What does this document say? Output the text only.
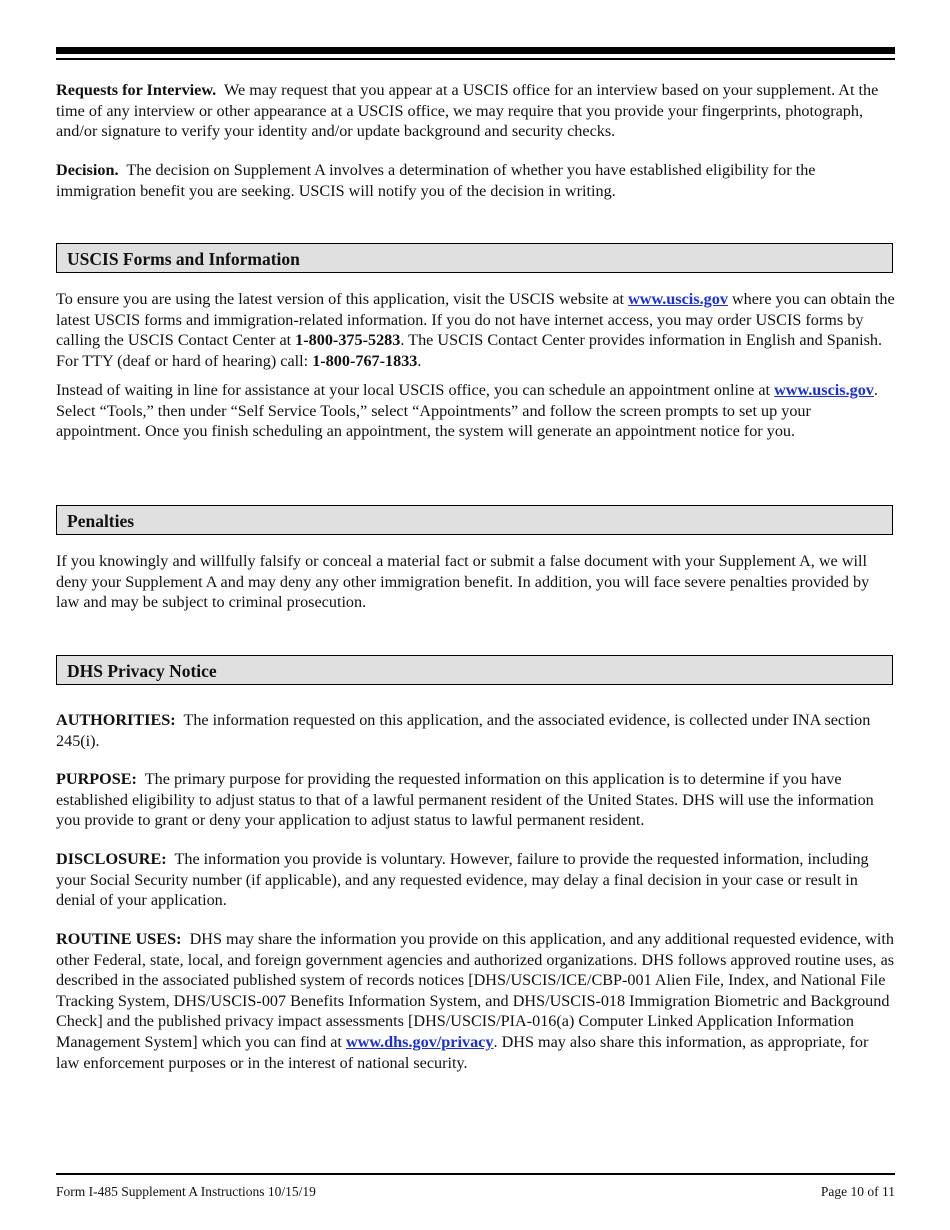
Requests for Interview. We may request that you appear at a USCIS office for an interview based on your supplement. At the time of any interview or other appearance at a USCIS office, we may require that you provide your fingerprints, photograph, and/or signature to verify your identity and/or update background and security checks.

Decision. The decision on Supplement A involves a determination of whether you have established eligibility for the immigration benefit you are seeking. USCIS will notify you of the decision in writing.

USCIS Forms and Information

To ensure you are using the latest version of this application, visit the USCIS website at www.uscis.gov where you can obtain the latest USCIS forms and immigration-related information. If you do not have internet access, you may order USCIS forms by calling the USCIS Contact Center at 1-800-375-5283. The USCIS Contact Center provides information in English and Spanish. For TTY (deaf or hard of hearing) call: 1-800-767-1833.

Instead of waiting in line for assistance at your local USCIS office, you can schedule an appointment online at www.uscis.gov. Select “Tools,” then under “Self Service Tools,” select “Appointments” and follow the screen prompts to set up your appointment. Once you finish scheduling an appointment, the system will generate an appointment notice for you.

Penalties

If you knowingly and willfully falsify or conceal a material fact or submit a false document with your Supplement A, we will deny your Supplement A and may deny any other immigration benefit. In addition, you will face severe penalties provided by law and may be subject to criminal prosecution.

DHS Privacy Notice

AUTHORITIES: The information requested on this application, and the associated evidence, is collected under INA section 245(i).

PURPOSE: The primary purpose for providing the requested information on this application is to determine if you have established eligibility to adjust status to that of a lawful permanent resident of the United States. DHS will use the information you provide to grant or deny your application to adjust status to lawful permanent resident.

DISCLOSURE: The information you provide is voluntary. However, failure to provide the requested information, including your Social Security number (if applicable), and any requested evidence, may delay a final decision in your case or result in denial of your application.

ROUTINE USES: DHS may share the information you provide on this application, and any additional requested evidence, with other Federal, state, local, and foreign government agencies and authorized organizations. DHS follows approved routine uses, as described in the associated published system of records notices [DHS/USCIS/ICE/CBP-001 Alien File, Index, and National File Tracking System, DHS/USCIS-007 Benefits Information System, and DHS/USCIS-018 Immigration Biometric and Background Check] and the published privacy impact assessments [DHS/USCIS/PIA-016(a) Computer Linked Application Information Management System] which you can find at www.dhs.gov/privacy. DHS may also share this information, as appropriate, for law enforcement purposes or in the interest of national security.

Form I-485 Supplement A Instructions 10/15/19	Page 10 of 11
